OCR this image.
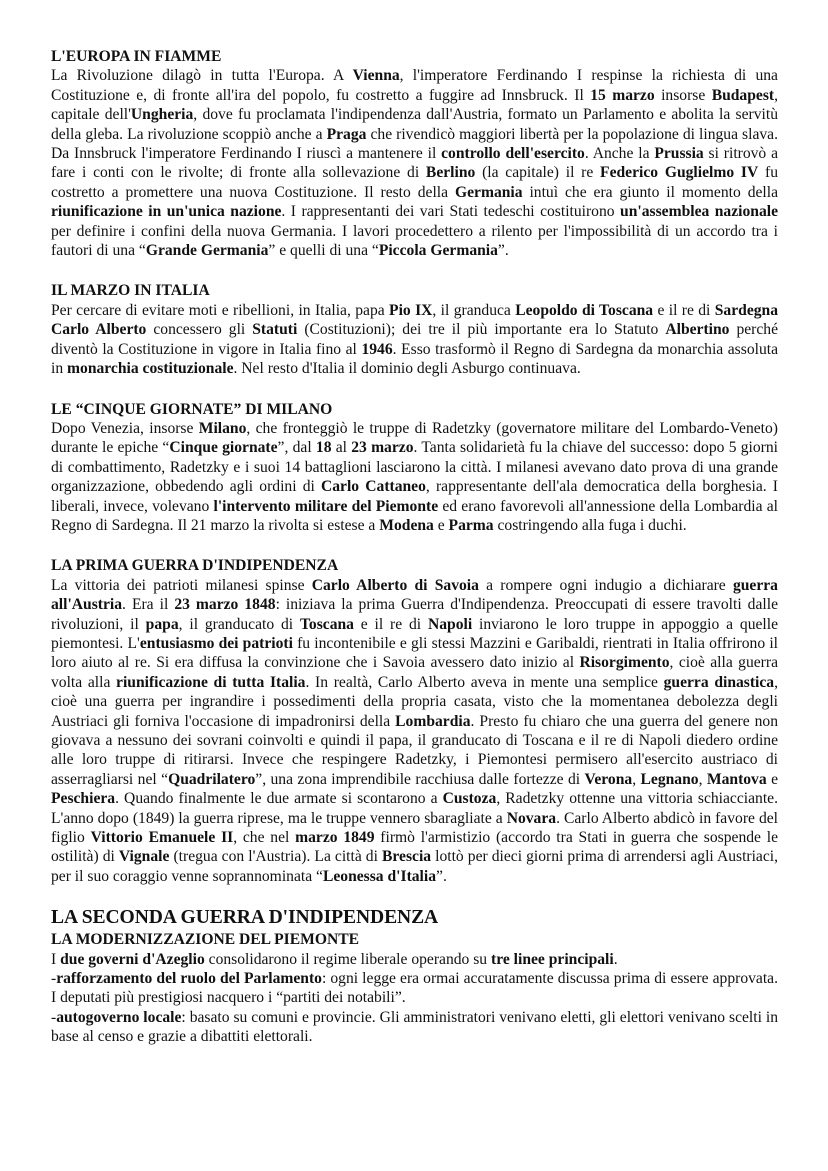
L'EUROPA IN FIAMME

La Rivoluzione dilagò in tutta l'Europa. A Vienna, l'imperatore Ferdinando I respinse la richiesta di una Costituzione e, di fronte all'ira del popolo, fu costretto a fuggire ad Innsbruck. Il 15 marzo insorse Budapest, capitale dell'Ungheria, dove fu proclamata l'indipendenza dall'Austria, formato un Parlamento e abolita la servitù della gleba. La rivoluzione scoppiò anche a Praga che rivendicò maggiori libertà per la popolazione di lingua slava. Da Innsbruck l'imperatore Ferdinando I riuscì a mantenere il controllo dell'esercito. Anche la Prussia si ritrovò a fare i conti con le rivolte; di fronte alla sollevazione di Berlino (la capitale) il re Federico Guglielmo IV fu costretto a promettere una nuova Costituzione. Il resto della Germania intuì che era giunto il momento della riunificazione in un'unica nazione. I rappresentanti dei vari Stati tedeschi costituirono un'assemblea nazionale per definire i confini della nuova Germania. I lavori procedettero a rilento per l'impossibilità di un accordo tra i fautori di una “Grande Germania” e quelli di una “Piccola Germania”.

IL MARZO IN ITALIA

Per cercare di evitare moti e ribellioni, in Italia, papa Pio IX, il granduca Leopoldo di Toscana e il re di Sardegna Carlo Alberto concessero gli Statuti (Costituzioni); dei tre il più importante era lo Statuto Albertino perché diventò la Costituzione in vigore in Italia fino al 1946. Esso trasformò il Regno di Sardegna da monarchia assoluta in monarchia costituzionale. Nel resto d'Italia il dominio degli Asburgo continuava.

LE “CINQUE GIORNATE” DI MILANO

Dopo Venezia, insorse Milano, che fronteggiò le truppe di Radetzky (governatore militare del Lombardo-Veneto) durante le epiche “Cinque giornate”, dal 18 al 23 marzo. Tanta solidarietà fu la chiave del successo: dopo 5 giorni di combattimento, Radetzky e i suoi 14 battaglioni lasciarono la città. I milanesi avevano dato prova di una grande organizzazione, obbedendo agli ordini di Carlo Cattaneo, rappresentante dell'ala democratica della borghesia. I liberali, invece, volevano l'intervento militare del Piemonte ed erano favorevoli all'annessione della Lombardia al Regno di Sardegna. Il 21 marzo la rivolta si estese a Modena e Parma costringendo alla fuga i duchi.

LA PRIMA GUERRA D'INDIPENDENZA

La vittoria dei patrioti milanesi spinse Carlo Alberto di Savoia a rompere ogni indugio a dichiarare guerra all'Austria. Era il 23 marzo 1848: iniziava la prima Guerra d'Indipendenza. Preoccupati di essere travolti dalle rivoluzioni, il papa, il granducato di Toscana e il re di Napoli inviarono le loro truppe in appoggio a quelle piemontesi. L'entusiasmo dei patrioti fu incontenibile e gli stessi Mazzini e Garibaldi, rientrati in Italia offrirono il loro aiuto al re. Si era diffusa la convinzione che i Savoia avessero dato inizio al Risorgimento, cioè alla guerra volta alla riunificazione di tutta Italia. In realtà, Carlo Alberto aveva in mente una semplice guerra dinastica, cioè una guerra per ingrandire i possedimenti della propria casata, visto che la momentanea debolezza degli Austriaci gli forniva l'occasione di impadronirsi della Lombardia. Presto fu chiaro che una guerra del genere non giovava a nessuno dei sovrani coinvolti e quindi il papa, il granducato di Toscana e il re di Napoli diedero ordine alle loro truppe di ritirarsi. Invece che respingere Radetzky, i Piemontesi permisero all'esercito austriaco di asserragliarsi nel “Quadrilatero”, una zona imprendibile racchiusa dalle fortezze di Verona, Legnano, Mantova e Peschiera. Quando finalmente le due armate si scontarono a Custoza, Radetzky ottenne una vittoria schiacciante. L'anno dopo (1849) la guerra riprese, ma le truppe vennero sbaragliate a Novara. Carlo Alberto abdicò in favore del figlio Vittorio Emanuele II, che nel marzo 1849 firmò l'armistizio (accordo tra Stati in guerra che sospende le ostilità) di Vignale (tregua con l'Austria). La città di Brescia lottò per dieci giorni prima di arrendersi agli Austriaci, per il suo coraggio venne soprannominata “Leonessa d'Italia”.

LA SECONDA GUERRA D'INDIPENDENZA
LA MODERNIZZAZIONE DEL PIEMONTE

I due governi d'Azeglio consolidarono il regime liberale operando su tre linee principali.

-rafforzamento del ruolo del Parlamento: ogni legge era ormai accuratamente discussa prima di essere approvata. I deputati più prestigiosi nacquero i “partiti dei notabili”.

-autogoverno locale: basato su comuni e provincie. Gli amministratori venivano eletti, gli elettori venivano scelti in base al censo e grazie a dibattiti elettorali.
